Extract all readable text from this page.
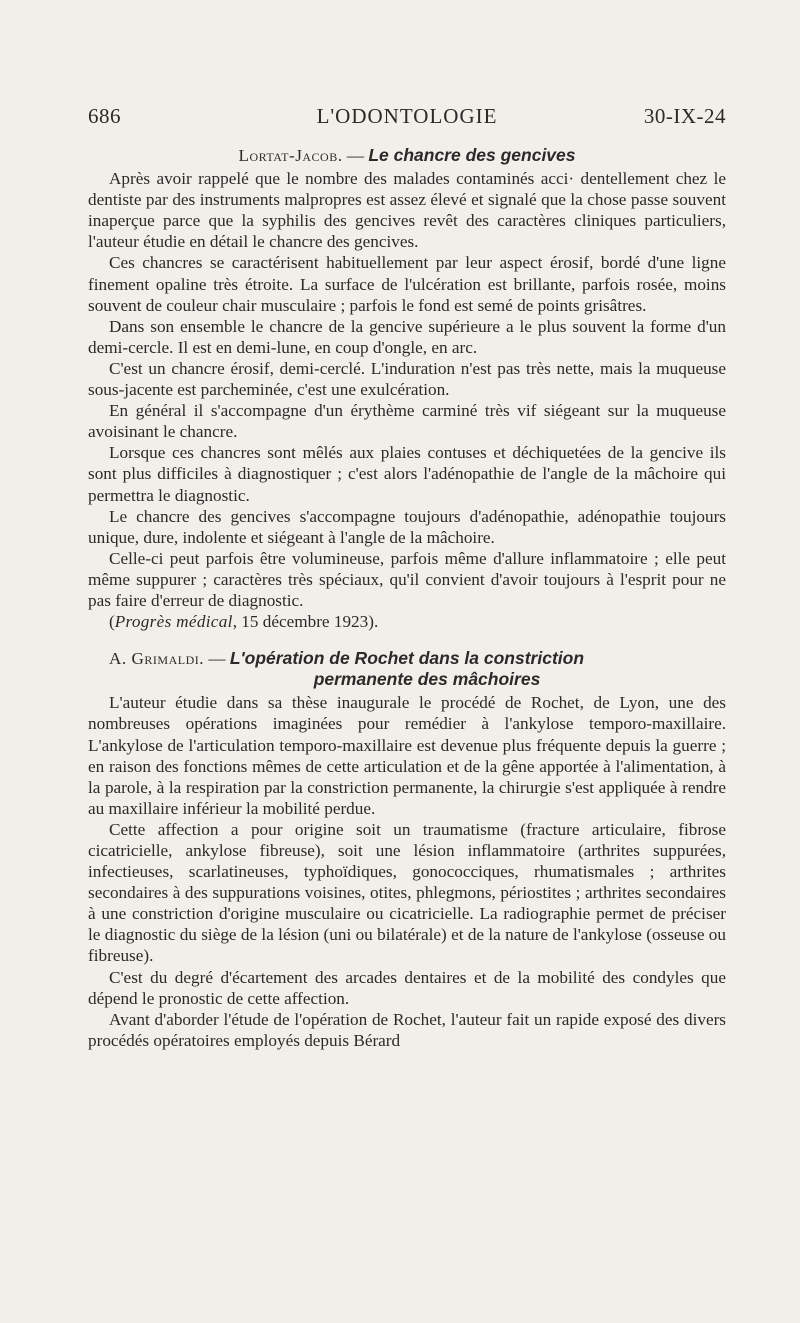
686	L'ODONTOLOGIE	30-IX-24
Lortat-Jacob. — Le chancre des gencives

Après avoir rappelé que le nombre des malades contaminés acci· dentellement chez le dentiste par des instruments malpropres est assez élevé et signalé que la chose passe souvent inaperçue parce que la syphilis des gencives revêt des caractères cliniques particuliers, l'auteur étudie en détail le chancre des gencives.

Ces chancres se caractérisent habituellement par leur aspect érosif, bordé d'une ligne finement opaline très étroite. La surface de l'ulcération est brillante, parfois rosée, moins souvent de couleur chair musculaire ; parfois le fond est semé de points grisâtres.

Dans son ensemble le chancre de la gencive supérieure a le plus souvent la forme d'un demi-cercle. Il est en demi-lune, en coup d'ongle, en arc.

C'est un chancre érosif, demi-cerclé. L'induration n'est pas très nette, mais la muqueuse sous-jacente est parcheminée, c'est une exulcération.

En général il s'accompagne d'un érythème carminé très vif siégeant sur la muqueuse avoisinant le chancre.

Lorsque ces chancres sont mêlés aux plaies contuses et déchiquetées de la gencive ils sont plus difficiles à diagnostiquer ; c'est alors l'adénopathie de l'angle de la mâchoire qui permettra le diagnostic.

Le chancre des gencives s'accompagne toujours d'adénopathie, adénopathie toujours unique, dure, indolente et siégeant à l'angle de la mâchoire.

Celle-ci peut parfois être volumineuse, parfois même d'allure inflammatoire ; elle peut même suppurer ; caractères très spéciaux, qu'il convient d'avoir toujours à l'esprit pour ne pas faire d'erreur de diagnostic.

(Progrès médical, 15 décembre 1923).

A. Grimaldi. — L'opération de Rochet dans la constriction
permanente des mâchoires

L'auteur étudie dans sa thèse inaugurale le procédé de Rochet, de Lyon, une des nombreuses opérations imaginées pour remédier à l'ankylose temporo-maxillaire. L'ankylose de l'articulation temporo-maxillaire est devenue plus fréquente depuis la guerre ; en raison des fonctions mêmes de cette articulation et de la gêne apportée à l'alimentation, à la parole, à la respiration par la constriction permanente, la chirurgie s'est appliquée à rendre au maxillaire inférieur la mobilité perdue.

Cette affection a pour origine soit un traumatisme (fracture articulaire, fibrose cicatricielle, ankylose fibreuse), soit une lésion inflammatoire (arthrites suppurées, infectieuses, scarlatineuses, typhoïdiques, gonococciques, rhumatismales ; arthrites secondaires à des suppurations voisines, otites, phlegmons, périostites ; arthrites secondaires à une constriction d'origine musculaire ou cicatricielle. La radiographie permet de préciser le diagnostic du siège de la lésion (uni ou bilatérale) et de la nature de l'ankylose (osseuse ou fibreuse).

C'est du degré d'écartement des arcades dentaires et de la mobilité des condyles que dépend le pronostic de cette affection.

Avant d'aborder l'étude de l'opération de Rochet, l'auteur fait un rapide exposé des divers procédés opératoires employés depuis Bérard
